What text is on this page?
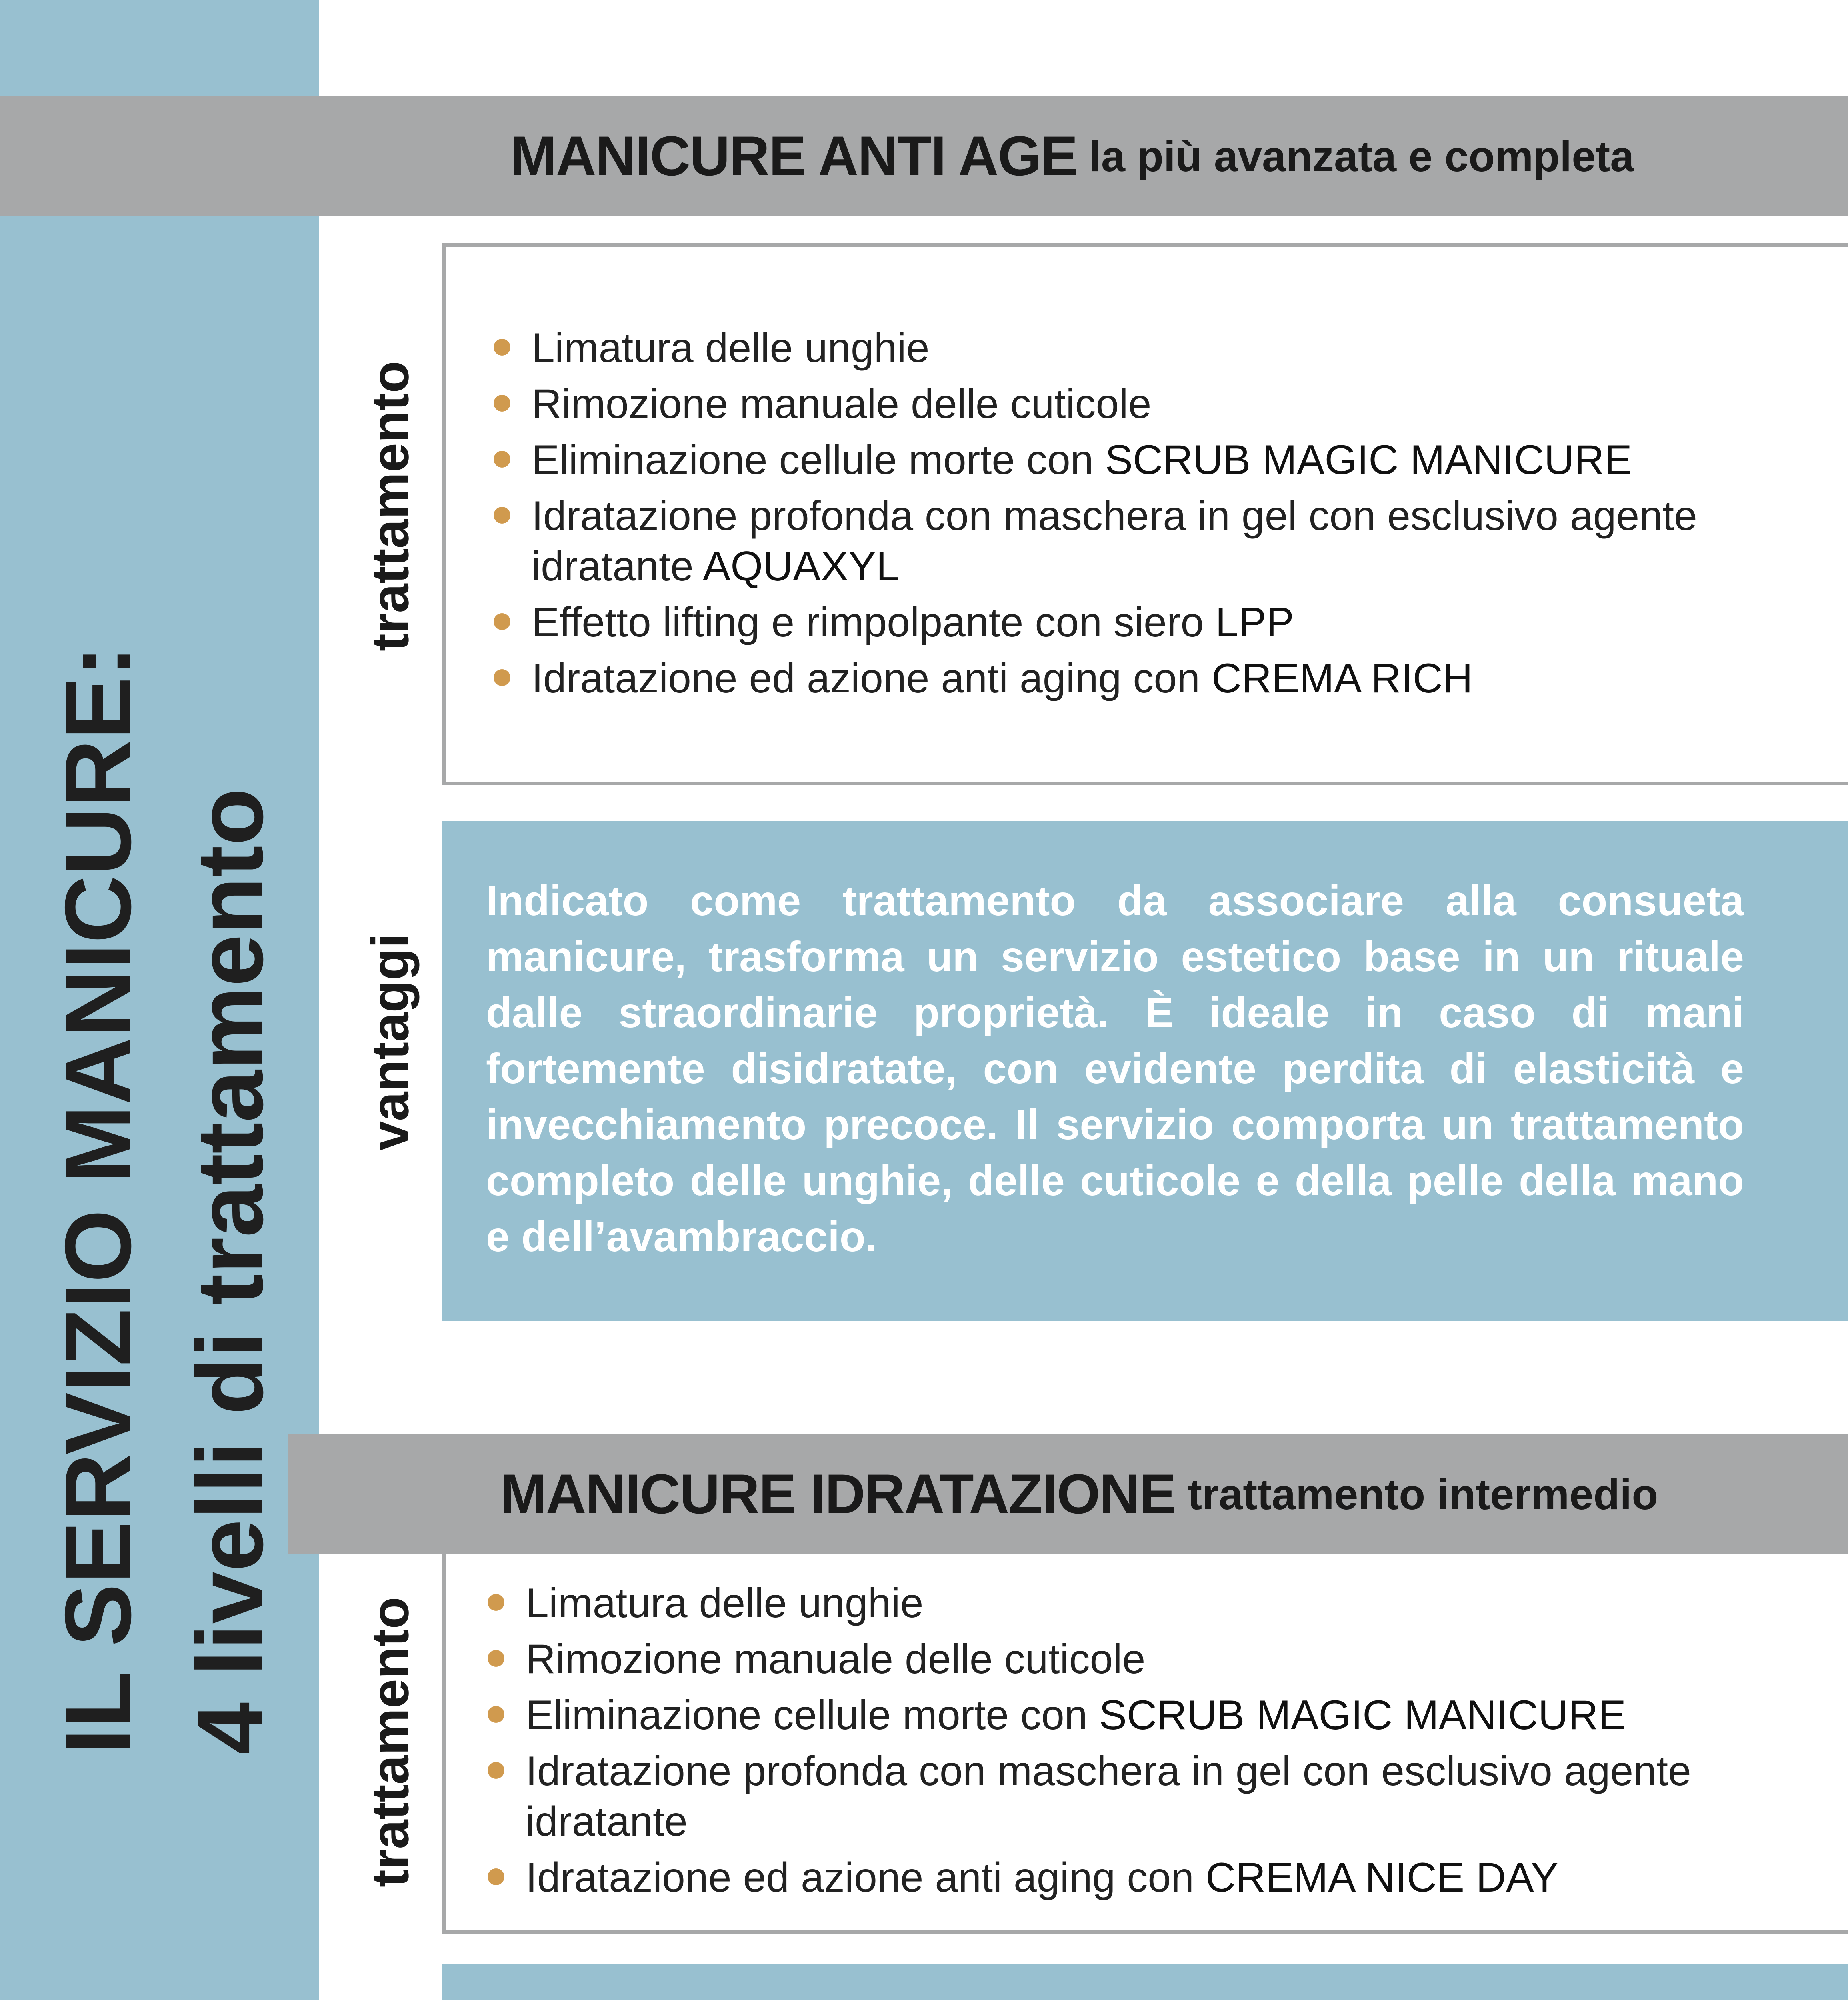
MANICURE ANTI AGE la più avanzata e completa
trattamento
Limatura delle unghie
Rimozione manuale delle cuticole
Eliminazione cellule morte con SCRUB MAGIC MANICURE
Idratazione profonda con maschera in gel con esclusivo agente idratante AQUAXYL
Effetto lifting e rimpolpante con siero LPP
Idratazione ed azione anti aging con CREMA RICH
vantaggi

Indicato come trattamento da associare alla consueta manicure, trasforma un servizio estetico base in un rituale dalle straordinarie proprietà. È ideale in caso di mani fortemente disidratate, con evidente perdita di elasticità e invecchiamento precoce. Il servizio comporta un trattamento completo delle unghie, delle cuticole e della pelle della mano e dell’avambraccio.

IL SERVIZIO MANICURE: 4 livelli di trattamento	MANICURE IDRATAZIONE trattamento intermedio
trattamento	Limatura delle unghie
Rimozione manuale delle cuticole
Eliminazione cellule morte con SCRUB MAGIC MANICURE
Idratazione profonda con maschera in gel con esclusivo agente idratante
Idratazione ed azione anti aging con CREMA NICE DAY
